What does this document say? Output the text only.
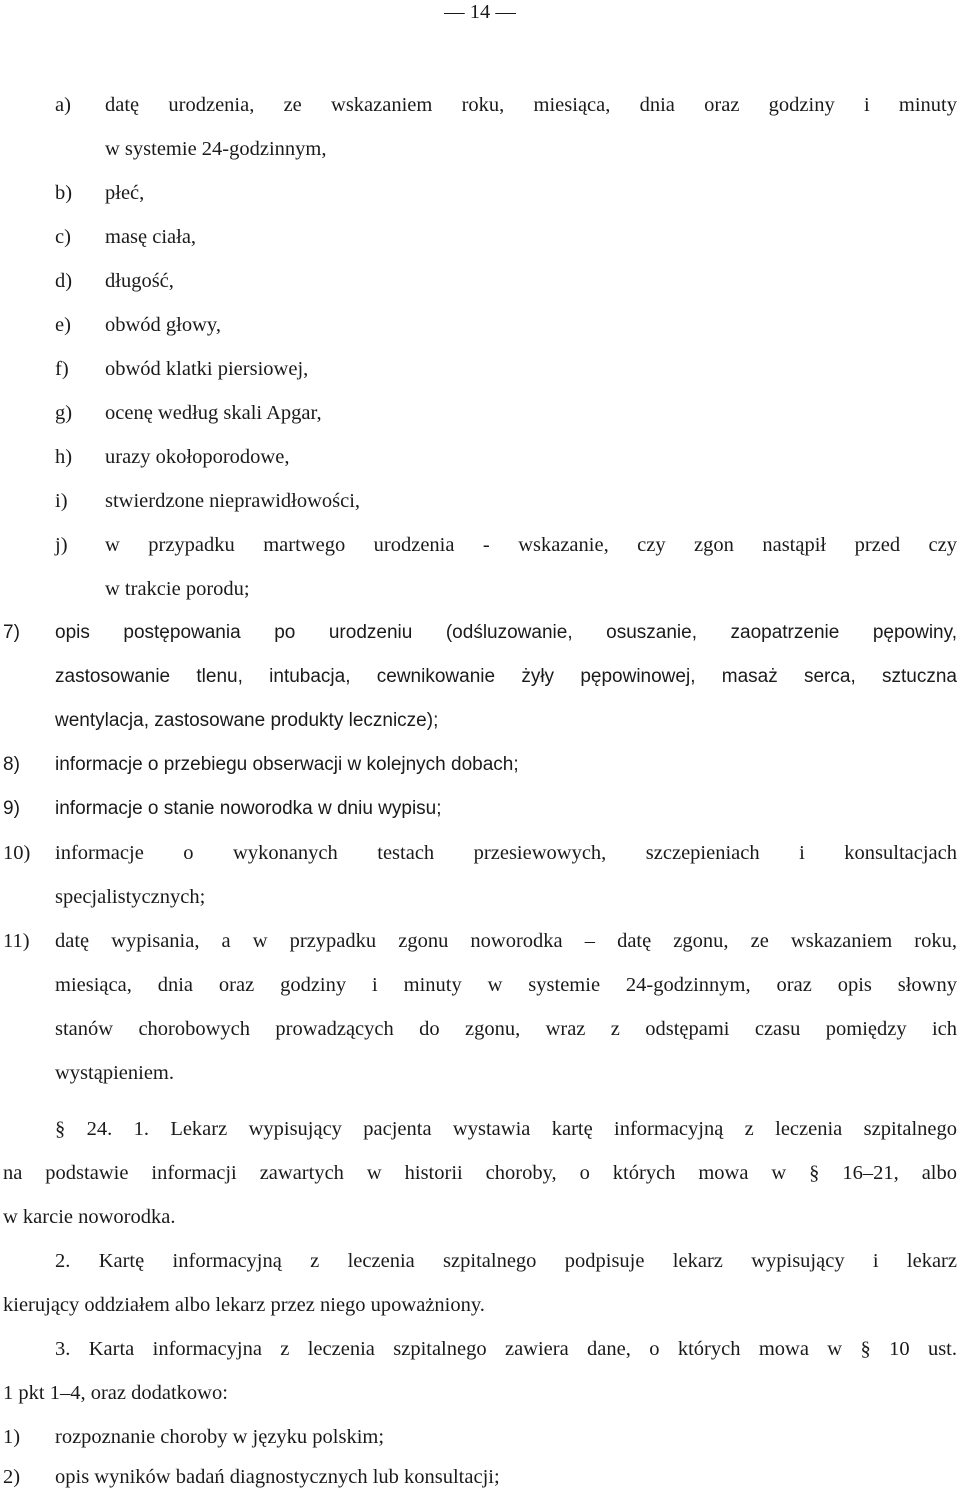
— 14 —
a) datę urodzenia, ze wskazaniem roku, miesiąca, dnia oraz godziny i minuty
w systemie 24-godzinnym,
b) płeć,
c) masę ciała,
d) długość,
e) obwód głowy,
f) obwód klatki piersiowej,
g) ocenę według skali Apgar,
h) urazy okołoporodowe,
i) stwierdzone nieprawidłowości,
j) w przypadku martwego urodzenia - wskazanie, czy zgon nastąpił przed czy
w trakcie porodu;
7) opis postępowania po urodzeniu (odśluzowanie, osuszanie, zaopatrzenie pępowiny,
zastosowanie tlenu, intubacja, cewnikowanie żyły pępowinowej, masaż serca, sztuczna
wentylacja, zastosowane produkty lecznicze);
8) informacje o przebiegu obserwacji w kolejnych dobach;
9) informacje o stanie noworodka w dniu wypisu;
10) informacje o wykonanych testach przesiewowych, szczepieniach i konsultacjach
specjalistycznych;
11) datę wypisania, a w przypadku zgonu noworodka – datę zgonu, ze wskazaniem roku,
miesiąca, dnia oraz godziny i minuty w systemie 24-godzinnym, oraz opis słowny
stanów chorobowych prowadzących do zgonu, wraz z odstępami czasu pomiędzy ich
wystąpieniem.
§ 24. 1. Lekarz wypisujący pacjenta wystawia kartę informacyjną z leczenia szpitalnego
na podstawie informacji zawartych w historii choroby, o których mowa w § 16–21, albo
w karcie noworodka.
2. Kartę informacyjną z leczenia szpitalnego podpisuje lekarz wypisujący i lekarz
kierujący oddziałem albo lekarz przez niego upoważniony.
3. Karta informacyjna z leczenia szpitalnego zawiera dane, o których mowa w § 10 ust.
1 pkt 1–4, oraz dodatkowo:
1) rozpoznanie choroby w języku polskim;
2) opis wyników badań diagnostycznych lub konsultacji;
